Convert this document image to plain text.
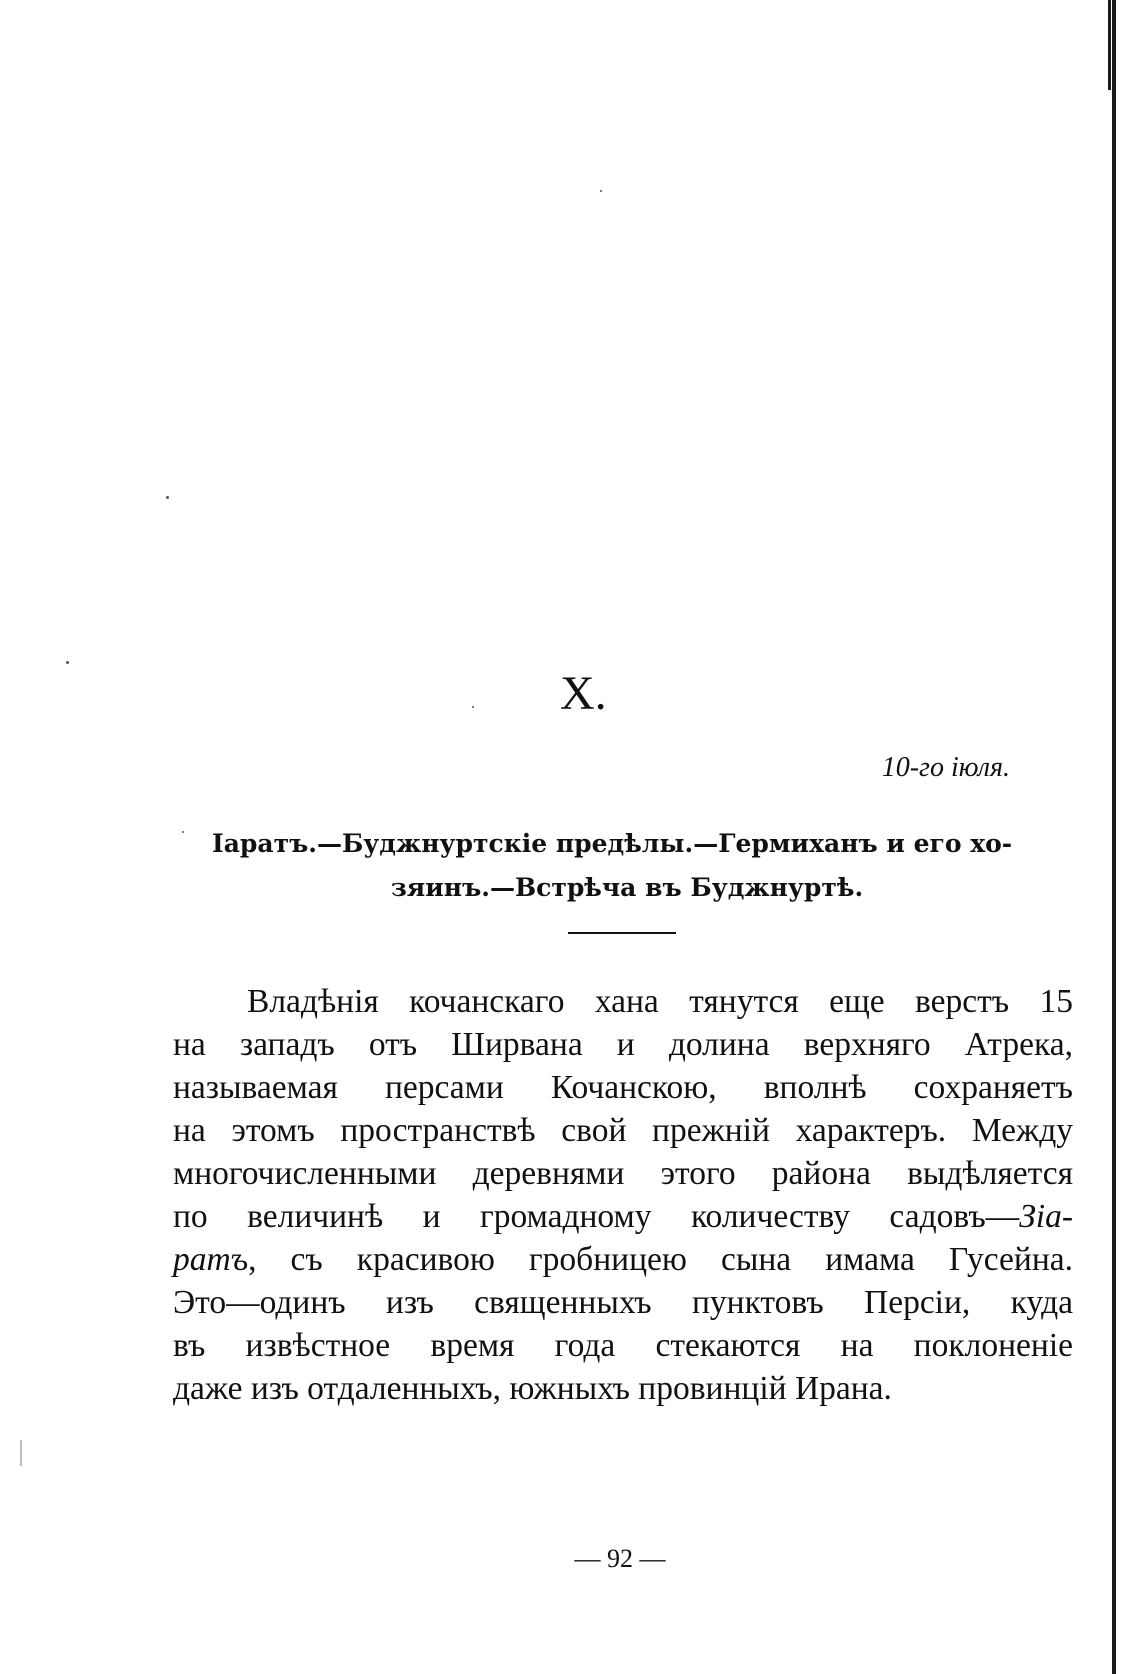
X.
10-го іюля.
Іаратъ.—Буджнуртскіе предѣлы.—Гермиханъ и его хо-
зяинъ.—Встрѣча въ Буджнуртѣ.
Владѣнія кочанскаго хана тянутся еще верстъ 15
на западъ отъ Ширвана и долина верхняго Атрека,
называемая персами Кочанскою, вполнѣ сохраняетъ
на этомъ пространствѣ свой прежній характеръ. Между
многочисленными деревнями этого района выдѣляется
по величинѣ и громадному количеству садовъ—Зіа-
ратъ, съ красивою гробницею сына имама Гусейна.
Это—одинъ изъ священныхъ пунктовъ Персіи, куда
въ извѣстное время года стекаются на поклоненіе
даже изъ отдаленныхъ, южныхъ провинцій Ирана.
— 92 —
